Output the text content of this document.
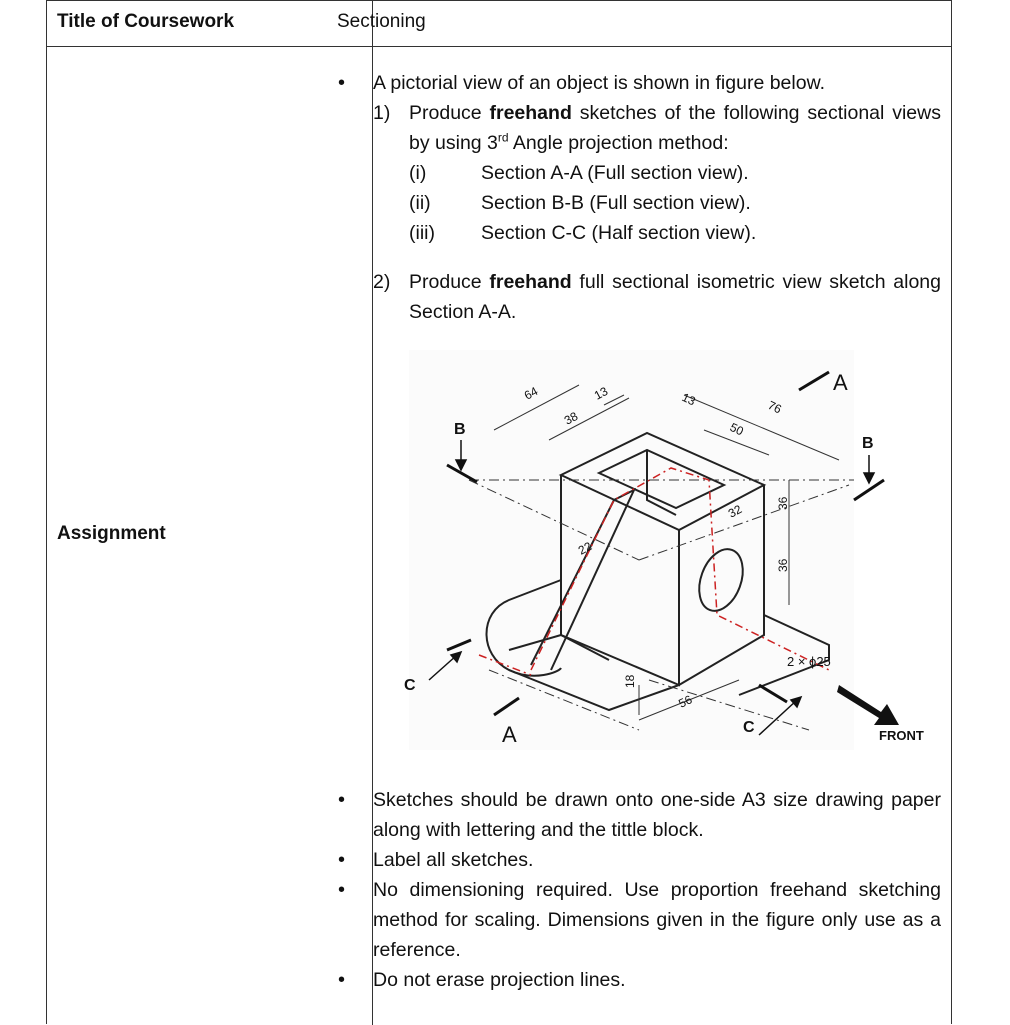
Title of Coursework	Sectioning
Assignment
• A pictorial view of an object is shown in figure below.
1) Produce freehand sketches of the following sectional views by using 3rd Angle projection method:
(i)	Section A-A (Full section view).
(ii)	Section B-B (Full section view).
(iii) Section C-C (Half section view).
2) Produce freehand full sectional isometric view sketch along Section A-A.
64
38
13	13	76
50
32	36
36
22
18
56
2 × ϕ25
A
A
B
B
C
C	FRONT
• Sketches should be drawn onto one-side A3 size drawing paper along with lettering and the tittle block.
• Label all sketches.
• No dimensioning required. Use proportion freehand sketching method for scaling. Dimensions given in the figure only use as a reference.
• Do not erase projection lines.
